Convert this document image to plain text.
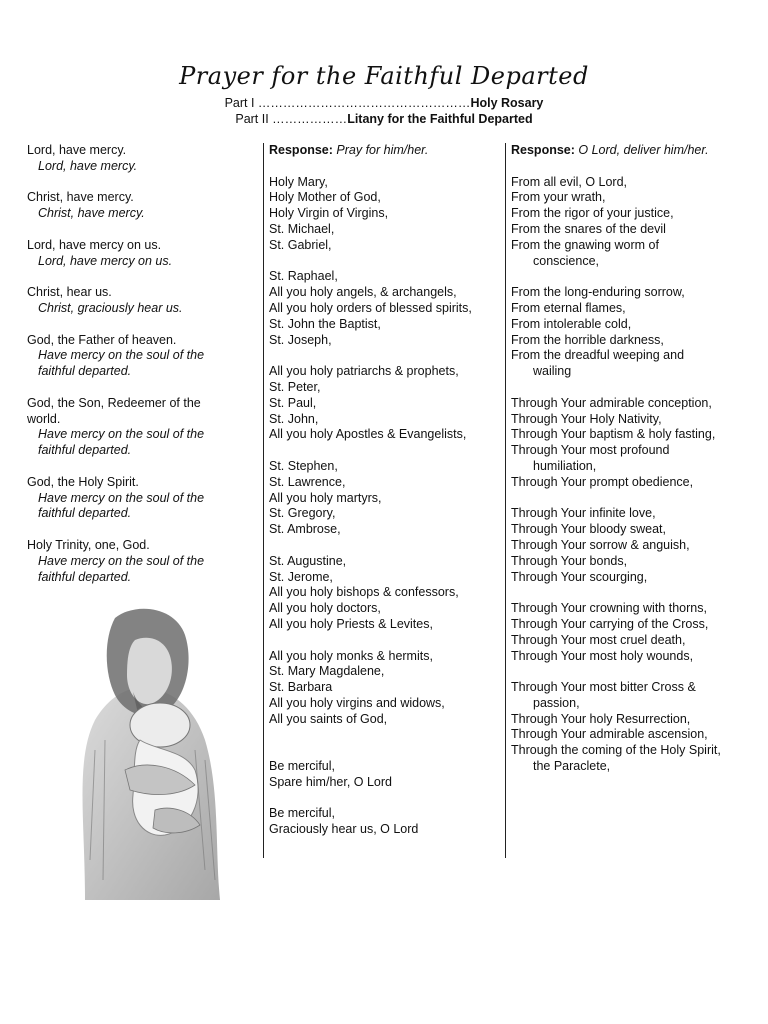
Prayer for the Faithful Departed
Part I ……………………………………………Holy Rosary
Part II ………………Litany for the Faithful Departed
Lord, have mercy.
Lord, have mercy.
Christ, have mercy.
Christ, have mercy.
Lord, have mercy on us.
Lord, have mercy on us.
Christ, hear us.
Christ, graciously hear us.
God, the Father of heaven.
Have mercy on the soul of the
faithful departed.
God, the Son, Redeemer of the
world.
Have mercy on the soul of the
faithful departed.
God, the Holy Spirit.
Have mercy on the soul of the
faithful departed.
Holy Trinity, one, God.
Have mercy on the soul of the
faithful departed.
Response: Pray for him/her.
Holy Mary,
Holy Mother of God,
Holy Virgin of Virgins,
St. Michael,
St. Gabriel,
St. Raphael,
All you holy angels, & archangels,
All you holy orders of blessed spirits,
St. John the Baptist,
St. Joseph,
All you holy patriarchs & prophets,
St. Peter,
St. Paul,
St. John,
All you holy Apostles & Evangelists,
St. Stephen,
St. Lawrence,
All you holy martyrs,
St. Gregory,
St. Ambrose,
St. Augustine,
St. Jerome,
All you holy bishops & confessors,
All you holy doctors,
All you holy Priests & Levites,
All you holy monks & hermits,
St. Mary Magdalene,
St. Barbara
All you holy virgins and widows,
All you saints of God,
Be merciful,
Spare him/her, O Lord
Be merciful,
Graciously hear us, O Lord
Response: O Lord, deliver him/her.
From all evil, O Lord,
From your wrath,
From the rigor of your justice,
From the snares of the devil
From the gnawing worm of
conscience,
From the long-enduring sorrow,
From eternal flames,
From intolerable cold,
From the horrible darkness,
From the dreadful weeping and
wailing
Through Your admirable conception,
Through Your Holy Nativity,
Through Your baptism & holy fasting,
Through Your most profound
humiliation,
Through Your prompt obedience,
Through Your infinite love,
Through Your bloody sweat,
Through Your sorrow & anguish,
Through Your bonds,
Through Your scourging,
Through Your crowning with thorns,
Through Your carrying of the Cross,
Through Your most cruel death,
Through Your most holy wounds,
Through Your most bitter Cross &
passion,
Through Your holy Resurrection,
Through Your admirable ascension,
Through the coming of the Holy Spirit,
the Paraclete,
